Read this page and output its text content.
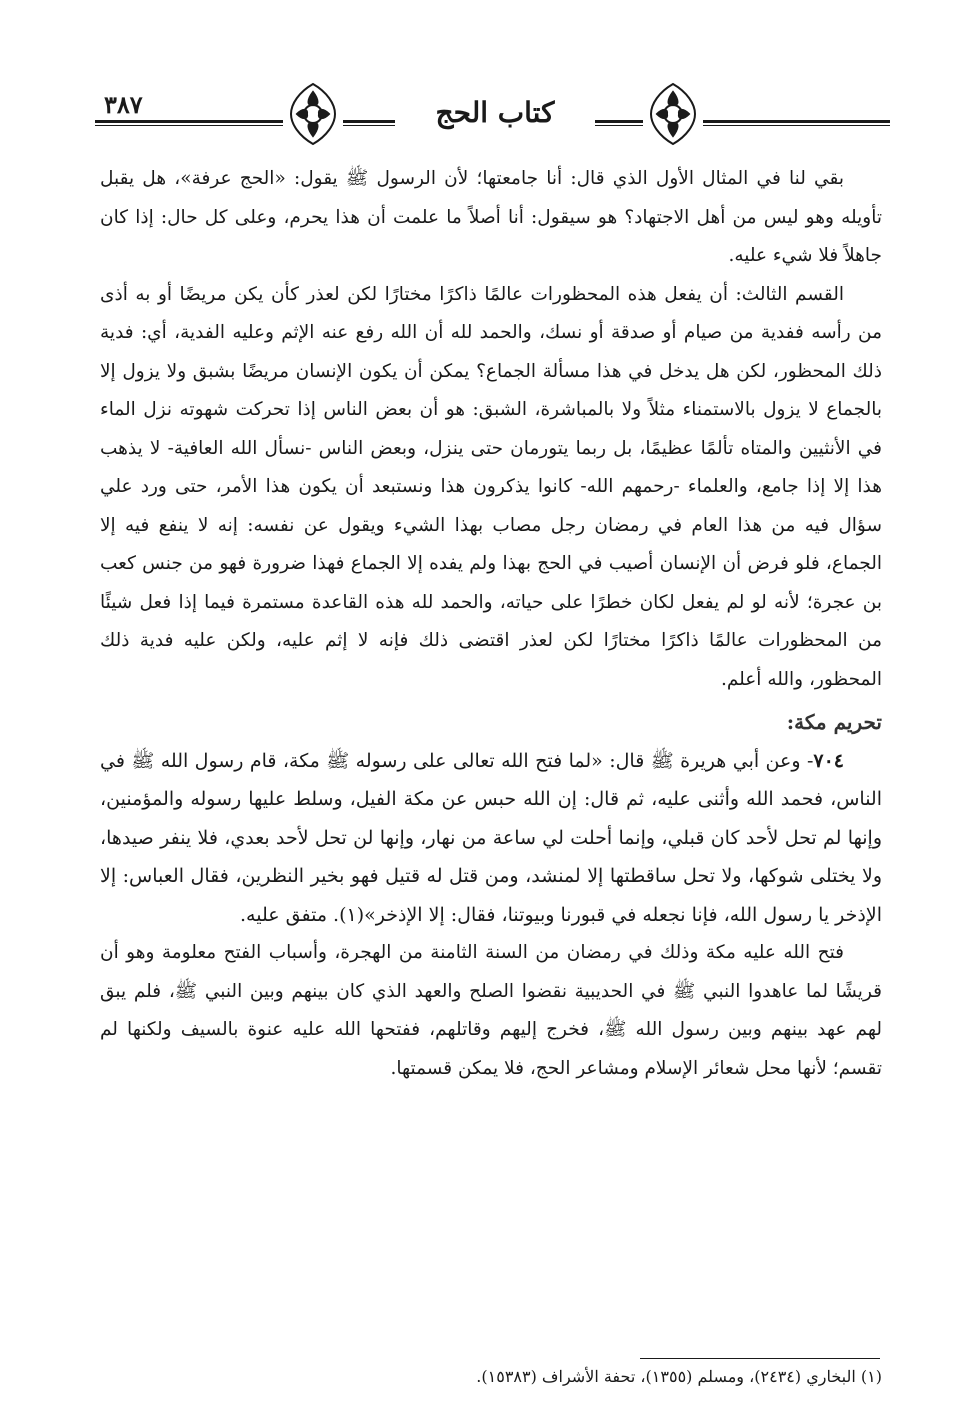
٣٨٧	كتاب الحج

بقي لنا في المثال الأول الذي قال: أنا جامعتها؛ لأن الرسول ﷺ يقول: «الحج عرفة»، هل يقبل تأويله وهو ليس من أهل الاجتهاد؟ هو سيقول: أنا أصلاً ما علمت أن هذا يحرم، وعلى كل حال: إذا كان جاهلاً فلا شيء عليه.

القسم الثالث: أن يفعل هذه المحظورات عالمًا ذاكرًا مختارًا لكن لعذر كأن يكن مريضًا أو به أذى من رأسه ففدية من صيام أو صدقة أو نسك، والحمد لله أن الله رفع عنه الإثم وعليه الفدية، أي: فدية ذلك المحظور، لكن هل يدخل في هذا مسألة الجماع؟ يمكن أن يكون الإنسان مريضًا بشبق ولا يزول إلا بالجماع لا يزول بالاستمناء مثلاً ولا بالمباشرة، الشبق: هو أن بعض الناس إذا تحركت شهوته نزل الماء في الأنثيين والمتاه تألمًا عظيمًا، بل ربما يتورمان حتى ينزل، وبعض الناس -نسأل الله العافية- لا يذهب هذا إلا إذا جامع، والعلماء -رحمهم الله- كانوا يذكرون هذا ونستبعد أن يكون هذا الأمر، حتى ورد علي سؤال فيه من هذا العام في رمضان رجل مصاب بهذا الشيء ويقول عن نفسه: إنه لا ينفع فيه إلا الجماع، فلو فرض أن الإنسان أصيب في الحج بهذا ولم يفده إلا الجماع فهذا ضرورة فهو من جنس كعب بن عجرة؛ لأنه لو لم يفعل لكان خطرًا على حياته، والحمد لله هذه القاعدة مستمرة فيما إذا فعل شيئًا من المحظورات عالمًا ذاكرًا مختارًا لكن لعذر اقتضى ذلك فإنه لا إثم عليه، ولكن عليه فدية ذلك المحظور، والله أعلم.

تحريم مكة:

٧٠٤- وعن أبي هريرة ﷺ قال: «لما فتح الله تعالى على رسوله ﷺ مكة، قام رسول الله ﷺ في الناس، فحمد الله وأثنى عليه، ثم قال: إن الله حبس عن مكة الفيل، وسلط عليها رسوله والمؤمنين، وإنها لم تحل لأحد كان قبلي، وإنما أحلت لي ساعة من نهار، وإنها لن تحل لأحد بعدي، فلا ينفر صيدها، ولا يختلى شوكها، ولا تحل ساقطتها إلا لمنشد، ومن قتل له قتيل فهو بخير النظرين، فقال العباس: إلا الإذخر يا رسول الله، فإنا نجعله في قبورنا وبيوتنا، فقال: إلا الإذخر»(١). متفق عليه.

فتح الله عليه مكة وذلك في رمضان من السنة الثامنة من الهجرة، وأسباب الفتح معلومة وهو أن قريشًا لما عاهدوا النبي ﷺ في الحديبية نقضوا الصلح والعهد الذي كان بينهم وبين النبي ﷺ، فلم يبق لهم عهد بينهم وبين رسول الله ﷺ، فخرج إليهم وقاتلهم، ففتحها الله عليه عنوة بالسيف ولكنها لم تقسم؛ لأنها محل شعائر الإسلام ومشاعر الحج، فلا يمكن قسمتها.

(١) البخاري (٢٤٣٤)، ومسلم (١٣٥٥)، تحفة الأشراف (١٥٣٨٣).
